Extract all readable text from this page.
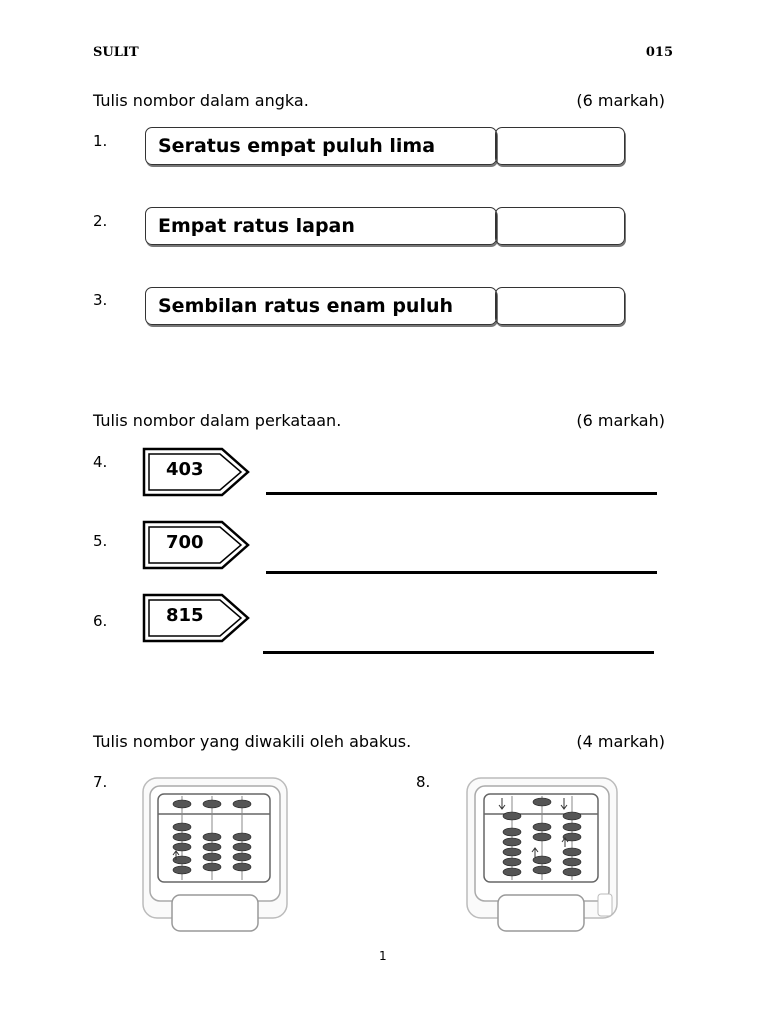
SULIT	015
Tulis nombor dalam angka.	(6 markah)
1.	Seratus empat puluh lima
2.	Empat ratus lapan
3.	Sembilan ratus enam puluh
Tulis nombor dalam perkataan.	(6 markah)
4.	403
5.	700
6.	815
Tulis nombor yang diwakili oleh abakus.	(4 markah)
7.	8.
1
